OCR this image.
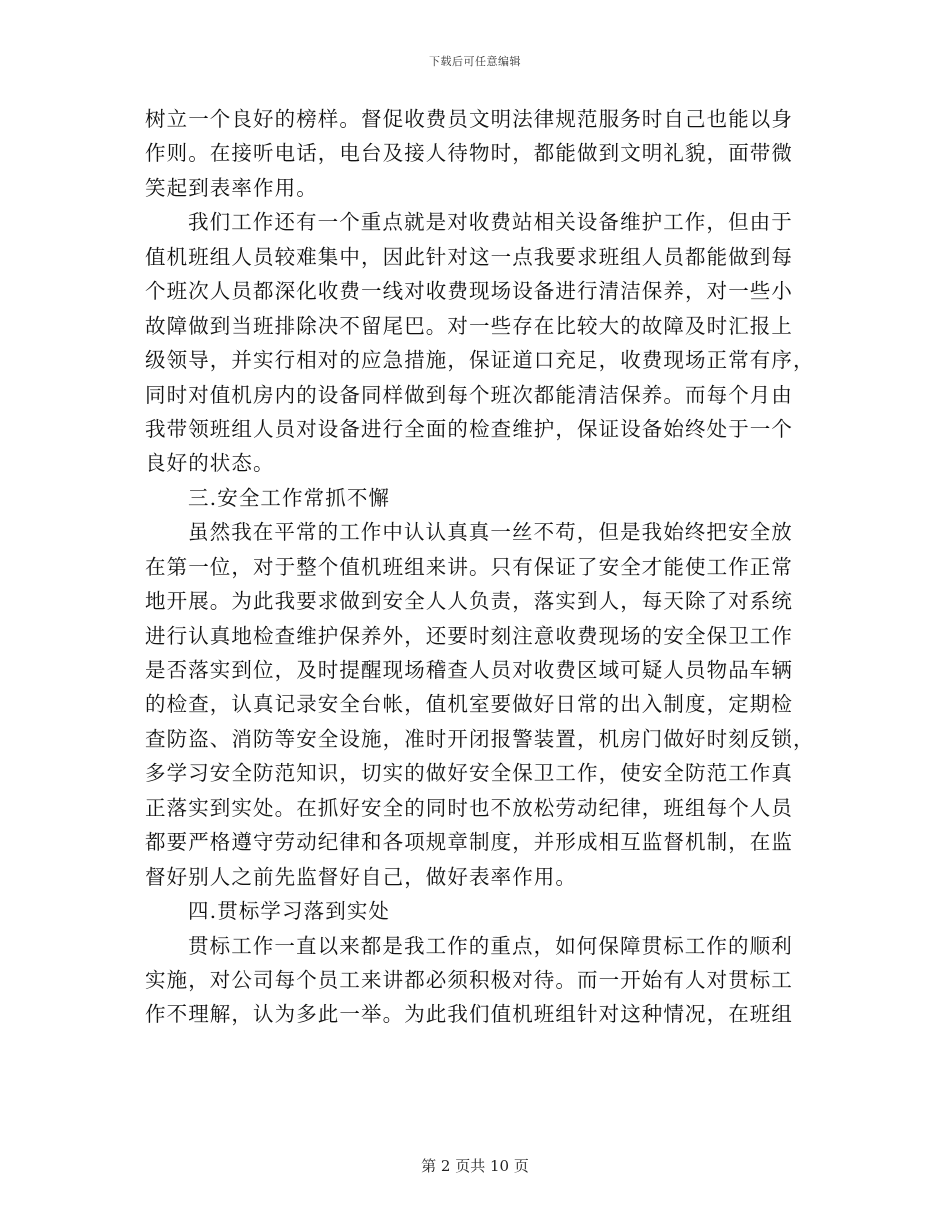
下载后可任意编辑
树立一个良好的榜样。督促收费员文明法律规范服务时自己也能以身
作则。在接听电话，电台及接人待物时，都能做到文明礼貌，面带微
笑起到表率作用。
我们工作还有一个重点就是对收费站相关设备维护工作，但由于
值机班组人员较难集中，因此针对这一点我要求班组人员都能做到每
个班次人员都深化收费一线对收费现场设备进行清洁保养，对一些小
故障做到当班排除决不留尾巴。对一些存在比较大的故障及时汇报上
级领导，并实行相对的应急措施，保证道口充足，收费现场正常有序，
同时对值机房内的设备同样做到每个班次都能清洁保养。而每个月由
我带领班组人员对设备进行全面的检查维护，保证设备始终处于一个
良好的状态。
三.安全工作常抓不懈
虽然我在平常的工作中认认真真一丝不苟，但是我始终把安全放
在第一位，对于整个值机班组来讲。只有保证了安全才能使工作正常
地开展。为此我要求做到安全人人负责，落实到人，每天除了对系统
进行认真地检查维护保养外，还要时刻注意收费现场的安全保卫工作
是否落实到位，及时提醒现场稽查人员对收费区域可疑人员物品车辆
的检查，认真记录安全台帐，值机室要做好日常的出入制度，定期检
查防盗、消防等安全设施，准时开闭报警装置，机房门做好时刻反锁，
多学习安全防范知识，切实的做好安全保卫工作，使安全防范工作真
正落实到实处。在抓好安全的同时也不放松劳动纪律，班组每个人员
都要严格遵守劳动纪律和各项规章制度，并形成相互监督机制，在监
督好别人之前先监督好自己，做好表率作用。
四.贯标学习落到实处
贯标工作一直以来都是我工作的重点，如何保障贯标工作的顺利
实施，对公司每个员工来讲都必须积极对待。而一开始有人对贯标工
作不理解，认为多此一举。为此我们值机班组针对这种情况，在班组
第 2 页共 10 页
